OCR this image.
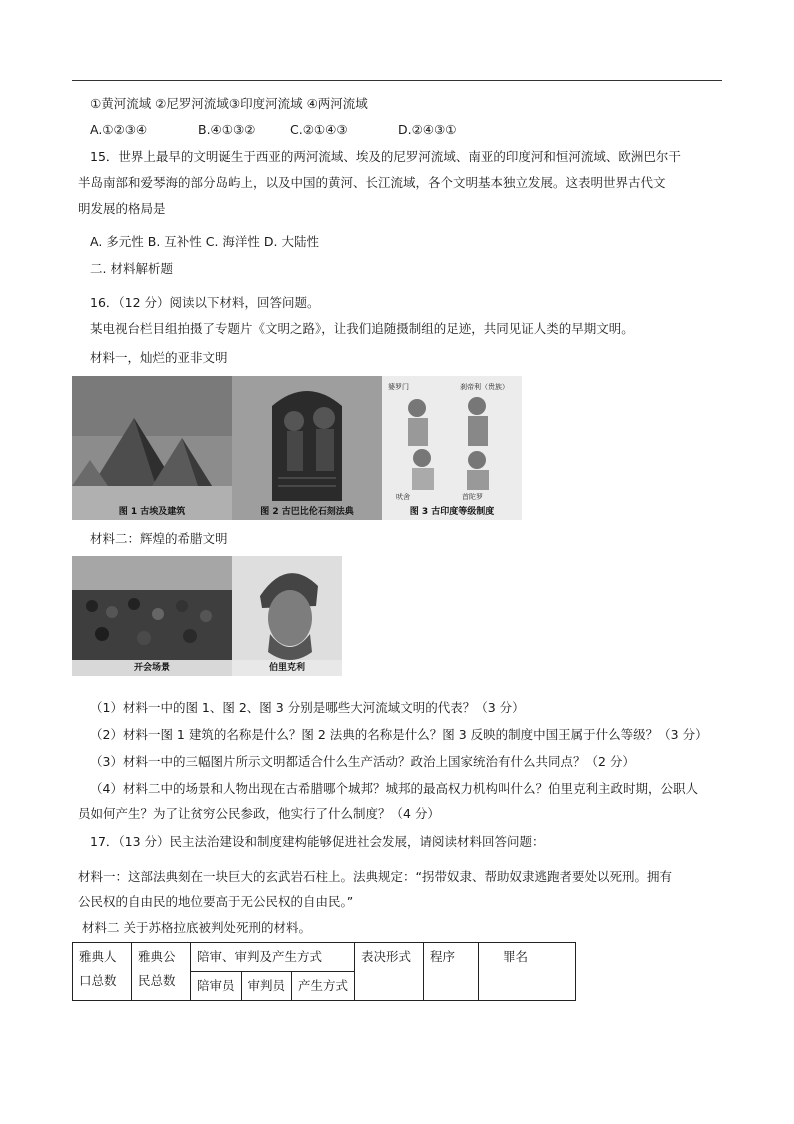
①黄河流域 ②尼罗河流域③印度河流域 ④两河流域
A.①②③④	B.④①③②	C.②①④③	D.②④③①
15．世界上最早的文明诞生于西亚的两河流域、埃及的尼罗河流域、南亚的印度河和恒河流域、欧洲巴尔干
半岛南部和爱琴海的部分岛屿上，以及中国的黄河、长江流域，各个文明基本独立发展。这表明世界古代文
明发展的格局是
A. 多元性 B. 互补性 C. 海洋性 D. 大陆性
二. 材料解析题
16．（12 分）阅读以下材料，回答问题。
某电视台栏目组拍摄了专题片《文明之路》，让我们追随摄制组的足迹，共同见证人类的早期文明。
材料一，灿烂的亚非文明
图 1 古埃及建筑	图 2 古巴比伦石刻法典
婆罗门	刹帝利（贵族）
吠舍	首陀罗
图 3 古印度等级制度
材料二：辉煌的希腊文明
开会场景	伯里克利
（1）材料一中的图 1、图 2、图 3 分别是哪些大河流域文明的代表？（3 分）
（2）材料一图 1 建筑的名称是什么？图 2 法典的名称是什么？图 3 反映的制度中国王属于什么等级？（3 分）
（3）材料一中的三幅图片所示文明都适合什么生产活动？政治上国家统治有什么共同点？（2 分）
（4）材料二中的场景和人物出现在古希腊哪个城邦？城邦的最高权力机构叫什么？伯里克利主政时期，公职人
员如何产生？为了让贫穷公民参政，他实行了什么制度？（4 分）
17．（13 分）民主法治建设和制度建构能够促进社会发展，请阅读材料回答问题：
材料一：这部法典刻在一块巨大的玄武岩石柱上。法典规定：“拐带奴隶、帮助奴隶逃跑者要处以死刑。拥有
公民权的自由民的地位要高于无公民权的自由民。”
材料二 关于苏格拉底被判处死刑的材料。
雅典人口总数	雅典公民总数	陪审、审判及产生方式			表决形式	程序	罪名
		陪审员	审判员	产生方式			
